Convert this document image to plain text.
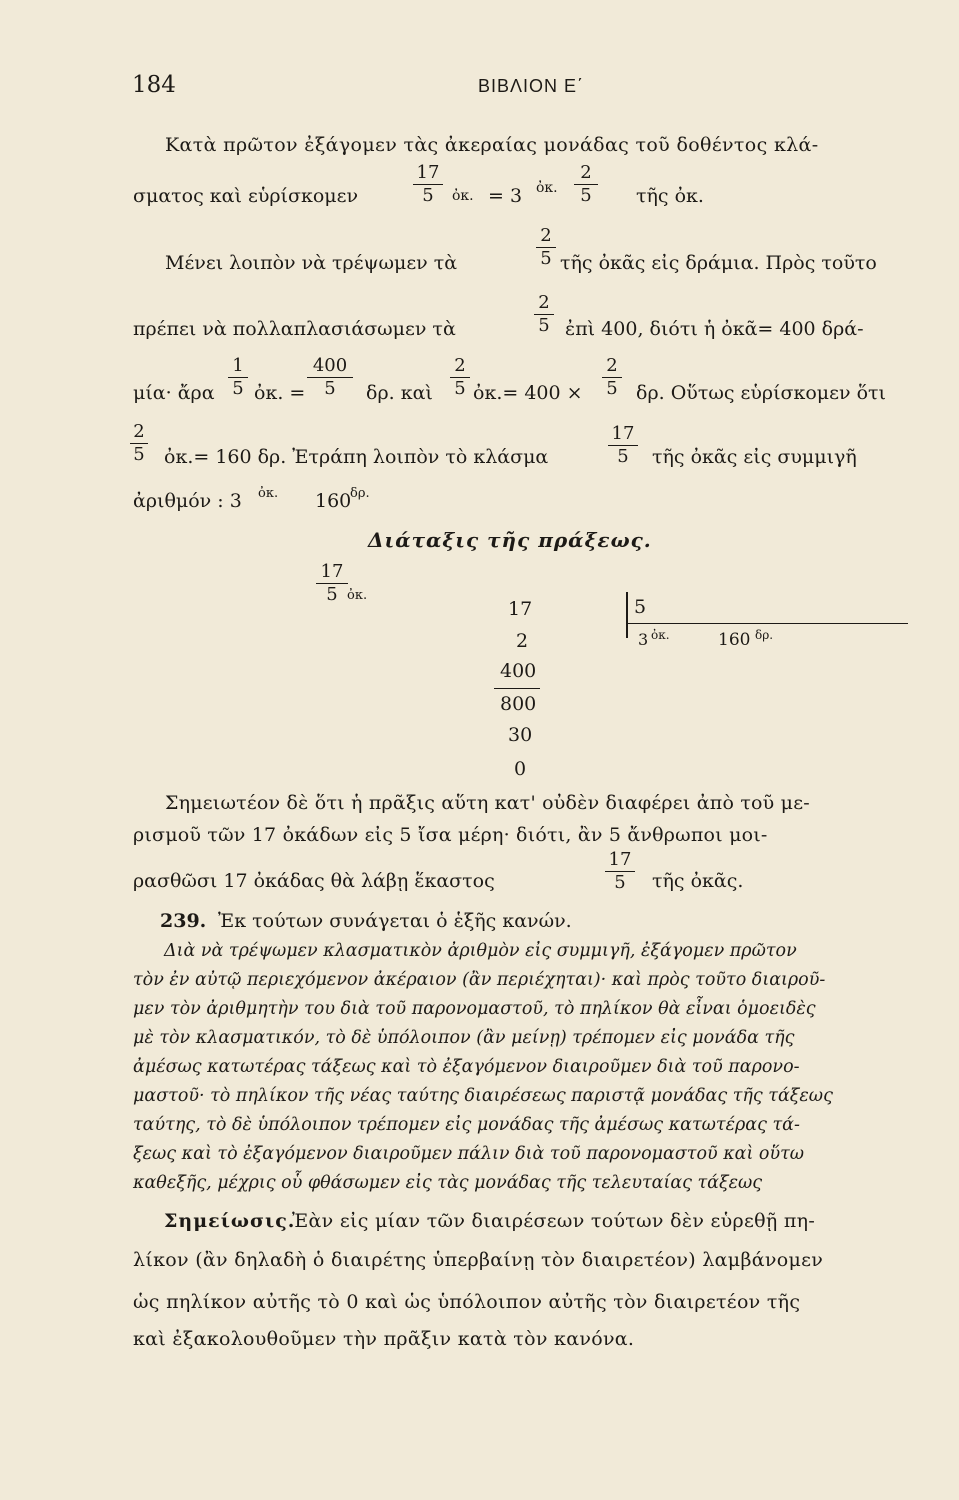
184	ΒΙΒΛΙΟΝ Ε΄
Κατὰ πρῶτον ἐξάγομεν τὰς ἀκεραίας μονάδας τοῦ δοθέντος κλά-
σματος καὶ εὑρίσκομεν
17
5	ὀκ. = 3 ὀκ.
2
5	τῆς ὀκ.
Μένει λοιπὸν νὰ τρέψωμεν τὰ
2
5 τῆς ὀκᾶς εἰς δράμια. Πρὸς τοῦτο
πρέπει νὰ πολλαπλασιάσωμεν τὰ
2
5 ἐπὶ 400, διότι ἡ ὀκᾶ= 400 δρά-
μία· ἄρα
1
5 ὀκ. =
400
5	δρ. καὶ
2
5 ὀκ.= 400 ×
2
5 δρ. Οὕτως εὑρίσκομεν ὅτι
2
5 ὀκ.= 160 δρ. Ἐτράπη λοιπὸν τὸ κλάσμα
17
5	τῆς ὀκᾶς εἰς συμμιγῆ
ἀριθμόν : 3 ὀκ. 160
δρ.
Διάταξις τῆς πράξεως.
17
5 ὀκ.
17	5
3 ὀκ.	160 δρ.
2
400
800
30
0
Σημειωτέον δὲ ὅτι ἡ πρᾶξις αὕτη κατ' οὐδὲν διαφέρει ἀπὸ τοῦ με-
ρισμοῦ τῶν 17 ὀκάδων εἰς 5 ἴσα μέρη· διότι, ἂν 5 ἄνθρωποι μοι-
ρασθῶσι 17 ὀκάδας θὰ λάβῃ ἕκαστος
17
5	τῆς ὀκᾶς.
239. Ἐκ τούτων συνάγεται ὁ ἑξῆς κανών.
Διὰ νὰ τρέψωμεν κλασματικὸν ἀριθμὸν εἰς συμμιγῆ, ἐξάγομεν πρῶτον
τὸν ἐν αὐτῷ περιεχόμενον ἀκέραιον (ἂν περιέχηται)· καὶ πρὸς τοῦτο διαιροῦ-
μεν τὸν ἀριθμητὴν του διὰ τοῦ παρονομαστοῦ, τὸ πηλίκον θὰ εἶναι ὁμοειδὲς
μὲ τὸν κλασματικόν, τὸ δὲ ὑπόλοιπον (ἂν μείνῃ) τρέπομεν εἰς μονάδα τῆς
ἀμέσως κατωτέρας τάξεως καὶ τὸ ἐξαγόμενον διαιροῦμεν διὰ τοῦ παρονο-
μαστοῦ· τὸ πηλίκον τῆς νέας ταύτης διαιρέσεως παριστᾷ μονάδας τῆς τάξεως
ταύτης, τὸ δὲ ὑπόλοιπον τρέπομεν εἰς μονάδας τῆς ἀμέσως κατωτέρας τά-
ξεως καὶ τὸ ἐξαγόμενον διαιροῦμεν πάλιν διὰ τοῦ παρονομαστοῦ καὶ οὕτω
καθεξῆς, μέχρις οὗ φθάσωμεν εἰς τὰς μονάδας τῆς τελευταίας τάξεως
Σημείωσις.
Ἐὰν εἰς μίαν τῶν διαιρέσεων τούτων δὲν εὑρεθῇ πη-
λίκον (ἂν δηλαδὴ ὁ διαιρέτης ὑπερβαίνῃ τὸν διαιρετέον) λαμβάνομεν
ὡς πηλίκον αὐτῆς τὸ 0 καὶ ὡς ὑπόλοιπον αὐτῆς τὸν διαιρετέον τῆς
καὶ ἐξακολουθοῦμεν τὴν πρᾶξιν κατὰ τὸν κανόνα.
